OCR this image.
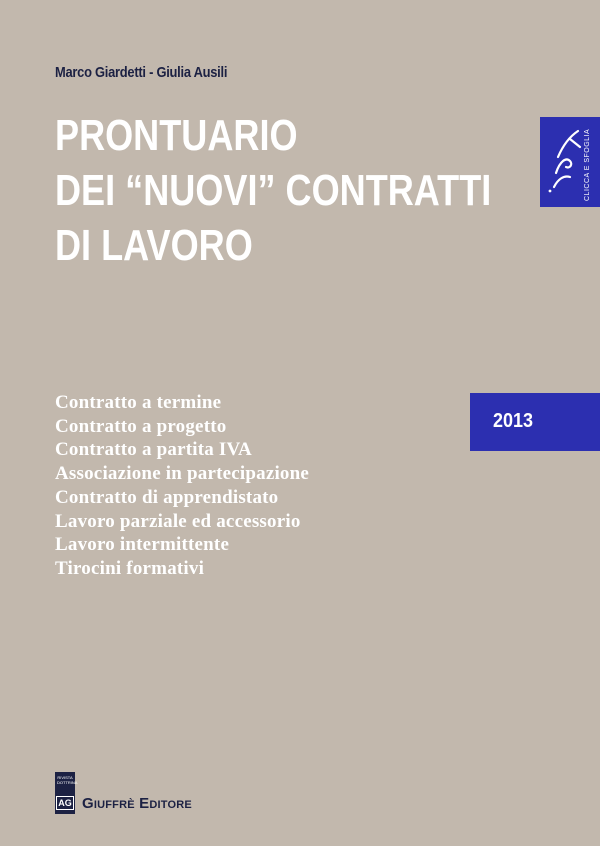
Marco Giardetti - Giulia Ausili
PRONTUARIO
DEI “NUOVI” CONTRATTI
DI LAVORO
CLICCA E SFOGLIA
2013
Contratto a termine
Contratto a progetto
Contratto a partita IVA
Associazione in partecipazione
Contratto di apprendistato
Lavoro parziale ed accessorio
Lavoro intermittente
Tirocini formativi
RIVISTA DOTTRINA
AG Giuffrè Editore
